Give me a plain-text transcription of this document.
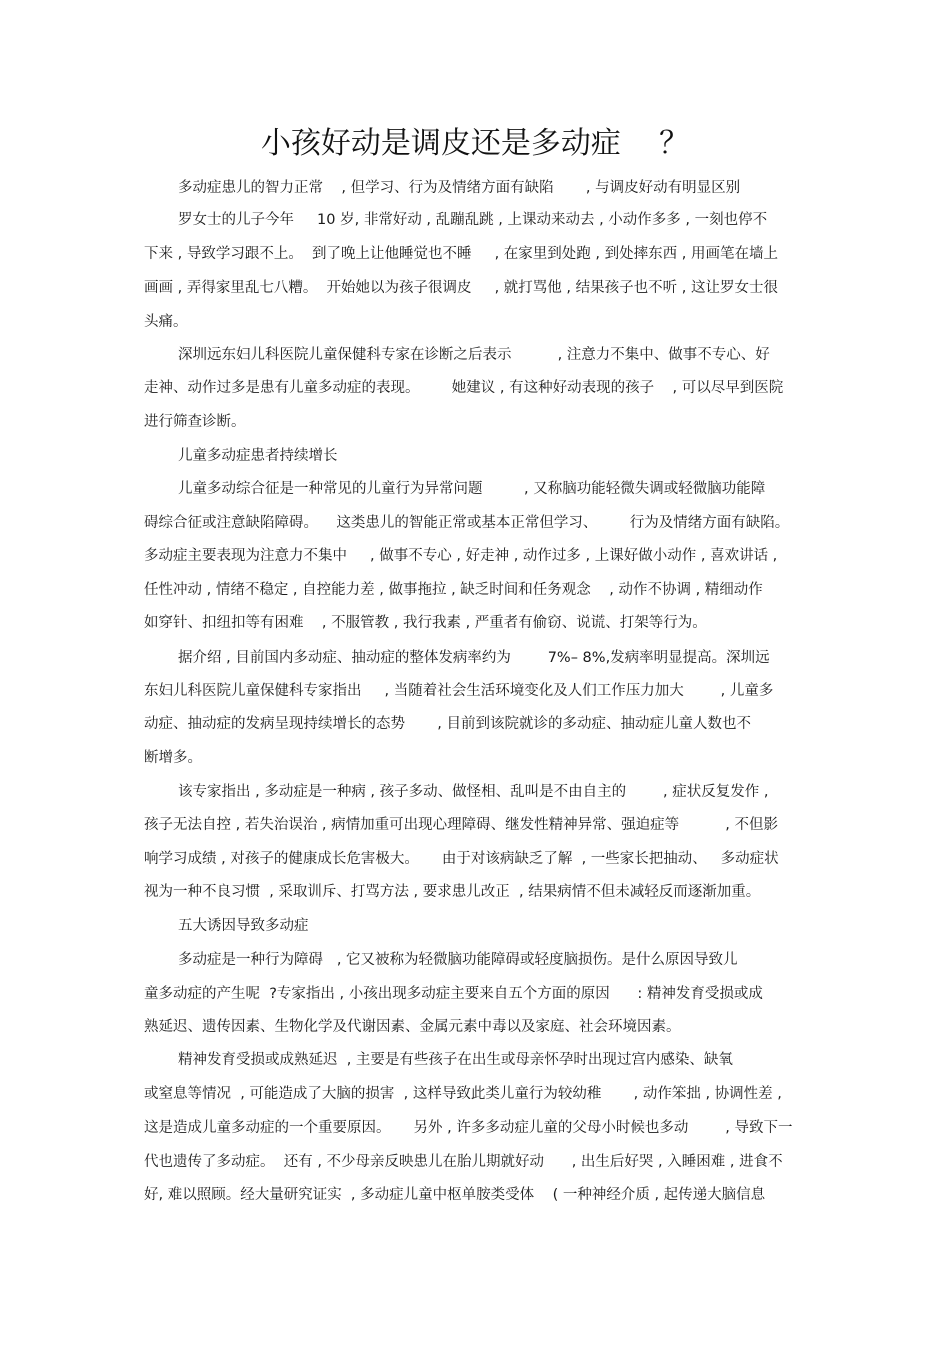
小孩好动是调皮还是多动症    ？
多动症患儿的智力正常    , 但学习、行为及情绪方面有缺陷       , 与调皮好动有明显区别
罗女士的儿子今年     10 岁, 非常好动 , 乱蹦乱跳 , 上课动来动去 , 小动作多多 , 一刻也停不
下来 , 导致学习跟不上。  到了晚上让他睡觉也不睡     , 在家里到处跑 , 到处摔东西 , 用画笔在墙上
画画 , 弄得家里乱七八糟。  开始她以为孩子很调皮     , 就打骂他 , 结果孩子也不听 , 这让罗女士很
头痛。
深圳远东妇儿科医院儿童保健科专家在诊断之后表示          , 注意力不集中、做事不专心、好
走神、动作过多是患有儿童多动症的表现。       她建议 , 有这种好动表现的孩子    , 可以尽早到医院
进行筛查诊断。
儿童多动症患者持续增长
儿童多动综合征是一种常见的儿童行为异常问题         , 又称脑功能轻微失调或轻微脑功能障
碍综合征或注意缺陷障碍。    这类患儿的智能正常或基本正常但学习、       行为及情绪方面有缺陷。
多动症主要表现为注意力不集中     , 做事不专心 , 好走神 , 动作过多 , 上课好做小动作 , 喜欢讲话 ,
任性冲动 , 情绪不稳定 , 自控能力差 , 做事拖拉 , 缺乏时间和任务观念    , 动作不协调 , 精细动作
如穿针、扣纽扣等有困难    , 不服管教 , 我行我素 , 严重者有偷窃、说谎、打架等行为。
据介绍 , 目前国内多动症、抽动症的整体发病率约为        7%– 8%,发病率明显提高。深圳远
东妇儿科医院儿童保健科专家指出     , 当随着社会生活环境变化及人们工作压力加大        , 儿童多
动症、抽动症的发病呈现持续增长的态势       , 目前到该院就诊的多动症、抽动症儿童人数也不
断增多。
该专家指出 , 多动症是一种病 , 孩子多动、做怪相、乱叫是不由自主的        , 症状反复发作 ,
孩子无法自控 , 若失治误治 , 病情加重可出现心理障碍、继发性精神异常、强迫症等          , 不但影
响学习成绩 , 对孩子的健康成长危害极大。     由于对该病缺乏了解  , 一些家长把抽动、   多动症状
视为一种不良习惯  , 采取训斥、打骂方法 , 要求患儿改正  , 结果病情不但未减轻反而逐渐加重。
五大诱因导致多动症
多动症是一种行为障碍   , 它又被称为轻微脑功能障碍或轻度脑损伤。是什么原因导致儿
童多动症的产生呢  ?专家指出 , 小孩出现多动症主要来自五个方面的原因      : 精神发育受损或成
熟延迟、遗传因素、生物化学及代谢因素、金属元素中毒以及家庭、社会环境因素。
精神发育受损或成熟延迟  , 主要是有些孩子在出生或母亲怀孕时出现过宫内感染、缺氧
或窒息等情况  , 可能造成了大脑的损害  , 这样导致此类儿童行为较幼稚       , 动作笨拙 , 协调性差 ,
这是造成儿童多动症的一个重要原因。     另外 , 许多多动症儿童的父母小时候也多动        , 导致下一
代也遗传了多动症。  还有 , 不少母亲反映患儿在胎儿期就好动      , 出生后好哭 , 入睡困难 , 进食不
好, 难以照顾。经大量研究证实  , 多动症儿童中枢单胺类受体    ( 一种神经介质 , 起传递大脑信息
